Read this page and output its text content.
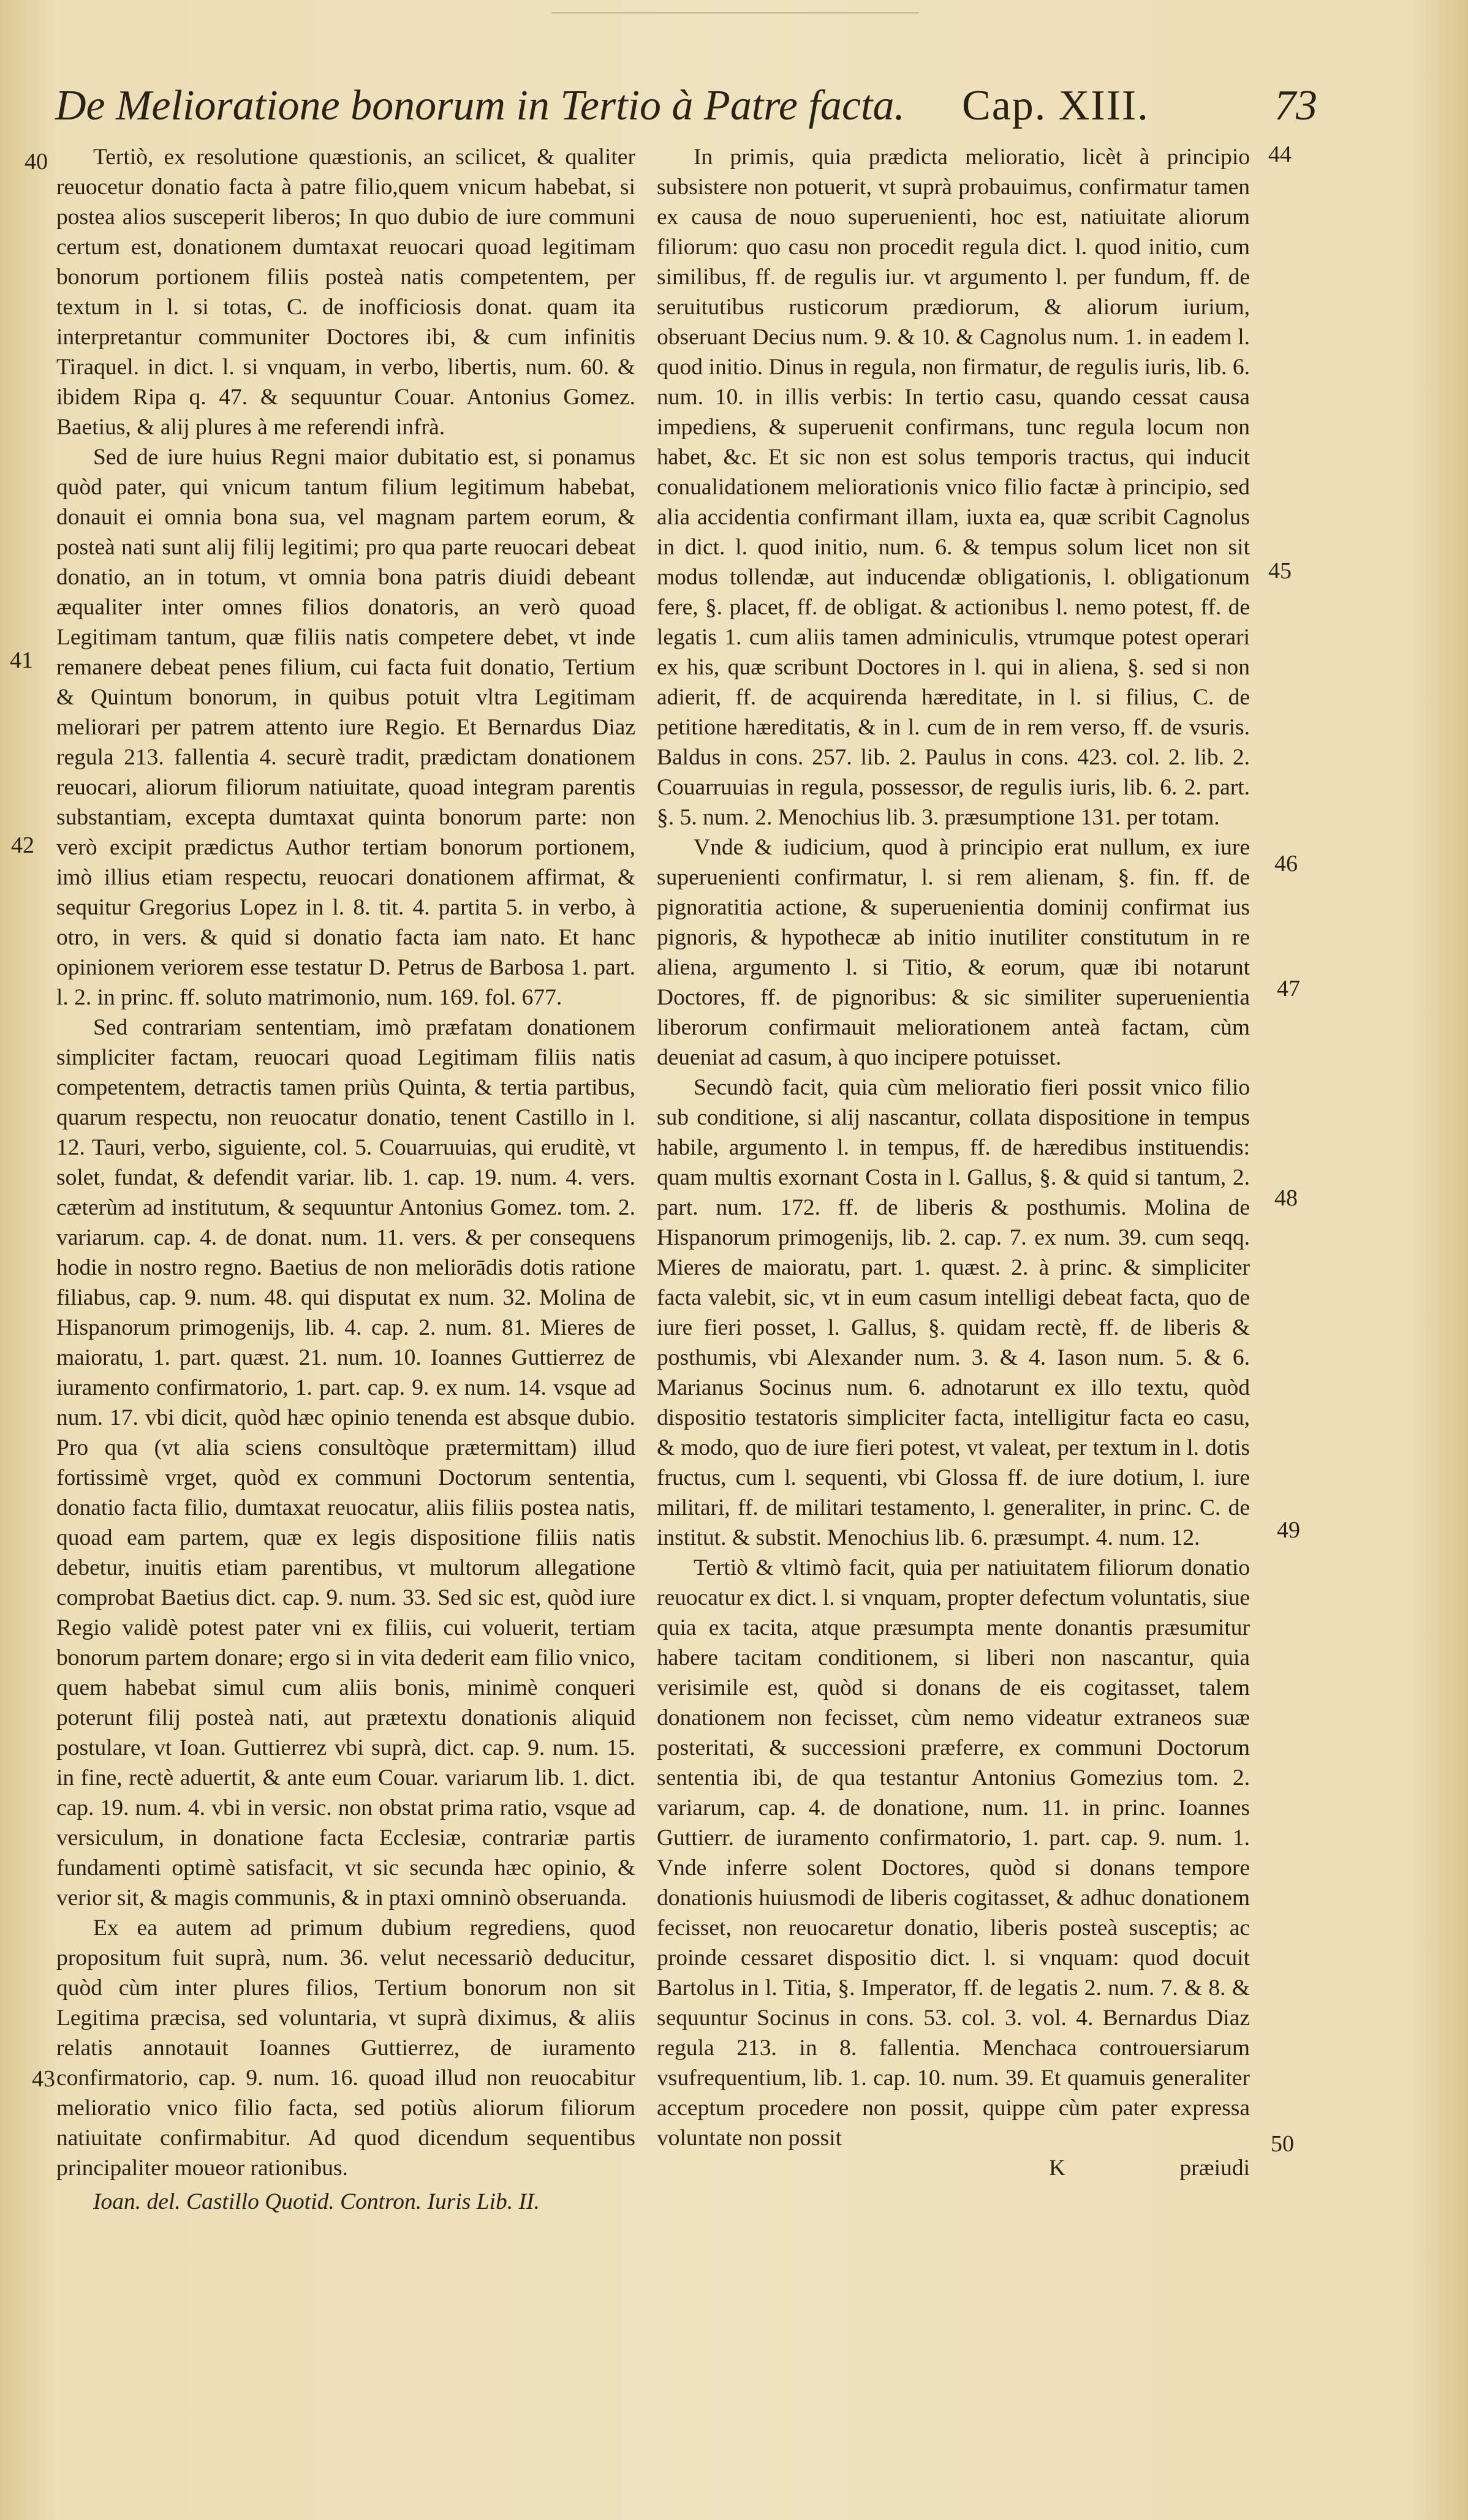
De Melioratione bonorum in Tertio à Patre facta. Cap. XIII.	73
40
41
42
43
44
45
46
47
48
49
50

Tertiò, ex resolutione quæstionis, an scilicet, & qualiter reuocetur donatio facta à patre filio,quem vnicum habebat, si postea alios susceperit liberos; In quo dubio de iure communi certum est, donationem dumtaxat reuocari quoad legitimam bonorum portionem filiis posteà natis competentem, per textum in l. si totas, C. de inofficiosis donat. quam ita interpretantur communiter Doctores ibi, & cum infinitis Tiraquel. in dict. l. si vnquam, in verbo, libertis, num. 60. & ibidem Ripa q. 47. & sequuntur Couar. Antonius Gomez. Baetius, & alij plures à me referendi infrà.

Sed de iure huius Regni maior dubitatio est, si ponamus quòd pater, qui vnicum tantum filium legitimum habebat, donauit ei omnia bona sua, vel magnam partem eorum, & posteà nati sunt alij filij legitimi; pro qua parte reuocari debeat donatio, an in totum, vt omnia bona patris diuidi debeant æqualiter inter omnes filios donatoris, an verò quoad Legitimam tantum, quæ filiis natis competere debet, vt inde remanere debeat penes filium, cui facta fuit donatio, Tertium & Quintum bonorum, in quibus potuit vltra Legitimam meliorari per patrem attento iure Regio. Et Bernardus Diaz regula 213. fallentia 4. securè tradit, prædictam donationem reuocari, aliorum filiorum natiuitate, quoad integram parentis substantiam, excepta dumtaxat quinta bonorum parte: non verò excipit prædictus Author tertiam bonorum portionem, imò illius etiam respectu, reuocari donationem affirmat, & sequitur Gregorius Lopez in l. 8. tit. 4. partita 5. in verbo, à otro, in vers. & quid si donatio facta iam nato. Et hanc opinionem veriorem esse testatur D. Petrus de Barbosa 1. part. l. 2. in princ. ff. soluto matrimonio, num. 169. fol. 677.

Sed contrariam sententiam, imò præfatam donationem simpliciter factam, reuocari quoad Legitimam filiis natis competentem, detractis tamen priùs Quinta, & tertia partibus, quarum respectu, non reuocatur donatio, tenent Castillo in l. 12. Tauri, verbo, siguiente, col. 5. Couarruuias, qui eruditè, vt solet, fundat, & defendit variar. lib. 1. cap. 19. num. 4. vers. cæterùm ad institutum, & sequuntur Antonius Gomez. tom. 2. variarum. cap. 4. de donat. num. 11. vers. & per consequens hodie in nostro regno. Baetius de non meliorādis dotis ratione filiabus, cap. 9. num. 48. qui disputat ex num. 32. Molina de Hispanorum primogenijs, lib. 4. cap. 2. num. 81. Mieres de maioratu, 1. part. quæst. 21. num. 10. Ioannes Guttierrez de iuramento confirmatorio, 1. part. cap. 9. ex num. 14. vsque ad num. 17. vbi dicit, quòd hæc opinio tenenda est absque dubio. Pro qua (vt alia sciens consultòque prætermittam) illud fortissimè vrget, quòd ex communi Doctorum sententia, donatio facta filio, dumtaxat reuocatur, aliis filiis postea natis, quoad eam partem, quæ ex legis dispositione filiis natis debetur, inuitis etiam parentibus, vt multorum allegatione comprobat Baetius dict. cap. 9. num. 33. Sed sic est, quòd iure Regio validè potest pater vni ex filiis, cui voluerit, tertiam bonorum partem donare; ergo si in vita dederit eam filio vnico, quem habebat simul cum aliis bonis, minimè conqueri poterunt filij posteà nati, aut prætextu donationis aliquid postulare, vt Ioan. Guttierrez vbi suprà, dict. cap. 9. num. 15. in fine, rectè aduertit, & ante eum Couar. variarum lib. 1. dict. cap. 19. num. 4. vbi in versic. non obstat prima ratio, vsque ad versiculum, in donatione facta Ecclesiæ, contrariæ partis fundamenti optimè satisfacit, vt sic secunda hæc opinio, & verior sit, & magis communis, & in ptaxi omninò obseruanda.

Ex ea autem ad primum dubium regrediens, quod propositum fuit suprà, num. 36. velut necessariò deducitur, quòd cùm inter plures filios, Tertium bonorum non sit Legitima præcisa, sed voluntaria, vt suprà diximus, & aliis relatis annotauit Ioannes Guttierrez, de iuramento confirmatorio, cap. 9. num. 16. quoad illud non reuocabitur melioratio vnico filio facta, sed potiùs aliorum filiorum natiuitate confirmabitur. Ad quod dicendum sequentibus principaliter moueor rationibus.

Ioan. del. Castillo Quotid. Contron. Iuris Lib. II.

In primis, quia prædicta melioratio, licèt à principio subsistere non potuerit, vt suprà probauimus, confirmatur tamen ex causa de nouo superuenienti, hoc est, natiuitate aliorum filiorum: quo casu non procedit regula dict. l. quod initio, cum similibus, ff. de regulis iur. vt argumento l. per fundum, ff. de seruitutibus rusticorum prædiorum, & aliorum iurium, obseruant Decius num. 9. & 10. & Cagnolus num. 1. in eadem l. quod initio. Dinus in regula, non firmatur, de regulis iuris, lib. 6. num. 10. in illis verbis: In tertio casu, quando cessat causa impediens, & superuenit confirmans, tunc regula locum non habet, &c. Et sic non est solus temporis tractus, qui inducit conualidationem meliorationis vnico filio factæ à principio, sed alia accidentia confirmant illam, iuxta ea, quæ scribit Cagnolus in dict. l. quod initio, num. 6. & tempus solum licet non sit modus tollendæ, aut inducendæ obligationis, l. obligationum fere, §. placet, ff. de obligat. & actionibus l. nemo potest, ff. de legatis 1. cum aliis tamen adminiculis, vtrumque potest operari ex his, quæ scribunt Doctores in l. qui in aliena, §. sed si non adierit, ff. de acquirenda hæreditate, in l. si filius, C. de petitione hæreditatis, & in l. cum de in rem verso, ff. de vsuris. Baldus in cons. 257. lib. 2. Paulus in cons. 423. col. 2. lib. 2. Couarruuias in regula, possessor, de regulis iuris, lib. 6. 2. part. §. 5. num. 2. Menochius lib. 3. præsumptione 131. per totam.

Vnde & iudicium, quod à principio erat nullum, ex iure superuenienti confirmatur, l. si rem alienam, §. fin. ff. de pignoratitia actione, & superuenientia dominij confirmat ius pignoris, & hypothecæ ab initio inutiliter constitutum in re aliena, argumento l. si Titio, & eorum, quæ ibi notarunt Doctores, ff. de pignoribus: & sic similiter superuenientia liberorum confirmauit meliorationem anteà factam, cùm deueniat ad casum, à quo incipere potuisset.

Secundò facit, quia cùm melioratio fieri possit vnico filio sub conditione, si alij nascantur, collata dispositione in tempus habile, argumento l. in tempus, ff. de hæredibus instituendis: quam multis exornant Costa in l. Gallus, §. & quid si tantum, 2. part. num. 172. ff. de liberis & posthumis. Molina de Hispanorum primogenijs, lib. 2. cap. 7. ex num. 39. cum seqq. Mieres de maioratu, part. 1. quæst. 2. à princ. & simpliciter facta valebit, sic, vt in eum casum intelligi debeat facta, quo de iure fieri posset, l. Gallus, §. quidam rectè, ff. de liberis & posthumis, vbi Alexander num. 3. & 4. Iason num. 5. & 6. Marianus Socinus num. 6. adnotarunt ex illo textu, quòd dispositio testatoris simpliciter facta, intelligitur facta eo casu, & modo, quo de iure fieri potest, vt valeat, per textum in l. dotis fructus, cum l. sequenti, vbi Glossa ff. de iure dotium, l. iure militari, ff. de militari testamento, l. generaliter, in princ. C. de institut. & substit. Menochius lib. 6. præsumpt. 4. num. 12.

Tertiò & vltimò facit, quia per natiuitatem filiorum donatio reuocatur ex dict. l. si vnquam, propter defectum voluntatis, siue quia ex tacita, atque præsumpta mente donantis præsumitur habere tacitam conditionem, si liberi non nascantur, quia verisimile est, quòd si donans de eis cogitasset, talem donationem non fecisset, cùm nemo videatur extraneos suæ posteritati, & successioni præferre, ex communi Doctorum sententia ibi, de qua testantur Antonius Gomezius tom. 2. variarum, cap. 4. de donatione, num. 11. in princ. Ioannes Guttierr. de iuramento confirmatorio, 1. part. cap. 9. num. 1. Vnde inferre solent Doctores, quòd si donans tempore donationis huiusmodi de liberis cogitasset, & adhuc donationem fecisset, non reuocaretur donatio, liberis posteà susceptis; ac proinde cessaret dispositio dict. l. si vnquam: quod docuit Bartolus in l. Titia, §. Imperator, ff. de legatis 2. num. 7. & 8. & sequuntur Socinus in cons. 53. col. 3. vol. 4. Bernardus Diaz regula 213. in 8. fallentia. Menchaca controuersiarum vsufrequentium, lib. 1. cap. 10. num. 39. Et quamuis generaliter acceptum procedere non possit, quippe cùm pater expressa voluntate non possit

K	præiudi
